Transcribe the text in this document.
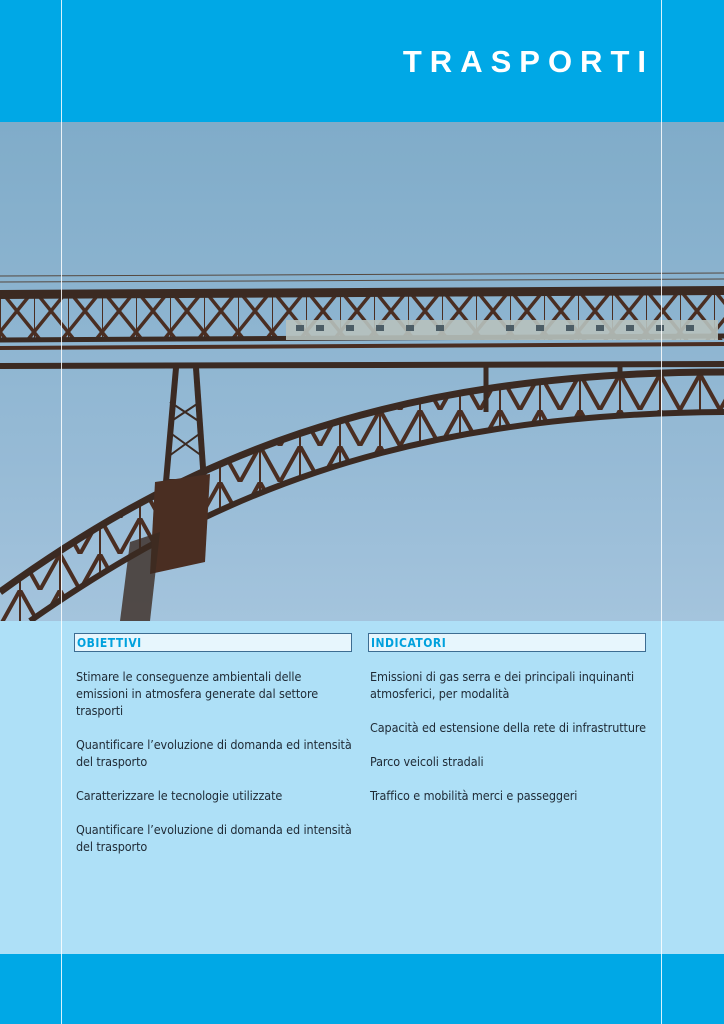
TRASPORTI
OBIETTIVI
Stimare le conseguenze ambientali delle emissioni in atmosfera generate dal settore trasporti
Quantificare l’evoluzione di domanda ed intensità del trasporto
Caratterizzare le tecnologie utilizzate
Quantificare l’evoluzione di domanda ed intensità del trasporto
INDICATORI
Emissioni di gas serra e dei principali inquinanti atmosferici, per modalità
Capacità ed estensione della rete di infrastrutture
Parco veicoli stradali
Traffico e mobilità merci e passeggeri
